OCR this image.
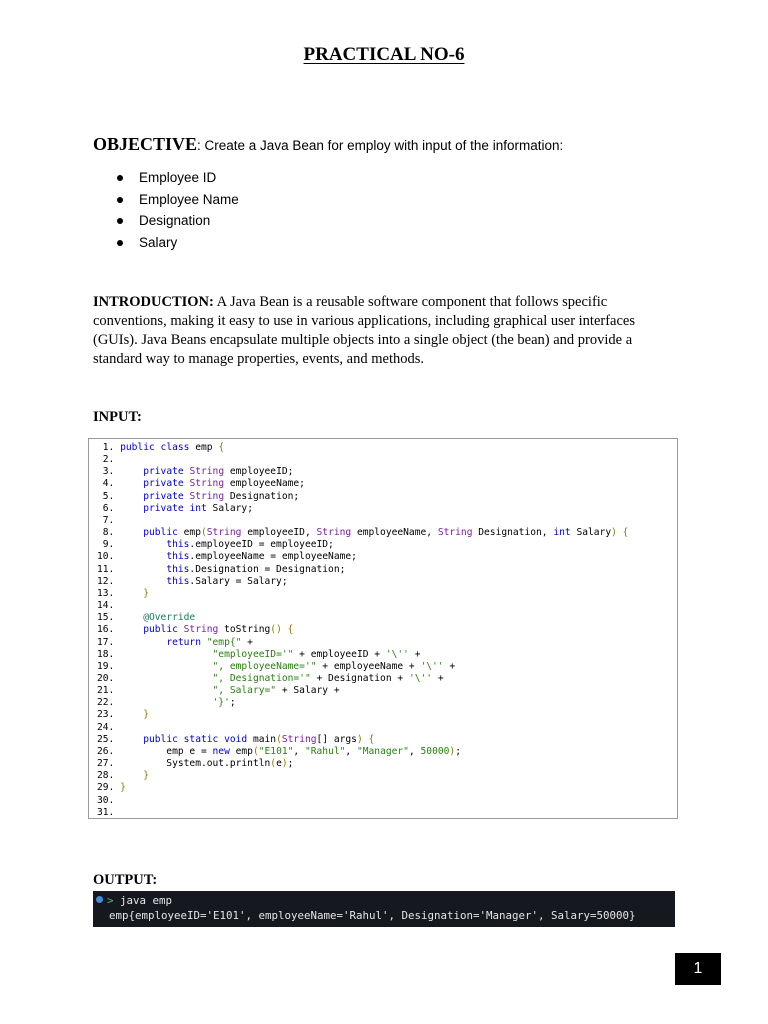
PRACTICAL NO-6
OBJECTIVE: Create a Java Bean for employ with input of the information:
Employee ID
Employee Name
Designation
Salary
INTRODUCTION: A Java Bean is a reusable software component that follows specific conventions, making it easy to use in various applications, including graphical user interfaces (GUIs). Java Beans encapsulate multiple objects into a single object (the bean) and provide a standard way to manage properties, events, and methods.
INPUT:
1. public class emp {
2.
3.	private String employeeID;
4.	private String employeeName;
5.	private String Designation;
6.	private int Salary;
7.
8.	public emp(String employeeID, String employeeName, String Designation, int Salary) {
9.	this.employeeID = employeeID;
10.	this.employeeName = employeeName;
11.	this.Designation = Designation;
12.	this.Salary = Salary;
13.	}
14.
15.	@Override
16.	public String toString() {
17.	return "emp{" +
18.	"employeeID='" + employeeID + '\'' +
19.	", employeeName='" + employeeName + '\'' +
20.	", Designation='" + Designation + '\'' +
21.	", Salary=" + Salary +
22.	'}';
23.	}
24.
25.	public static void main(String[] args) {
26.         emp e = new emp("E101", "Rahul", "Manager", 50000);
27.         System.out.println(e);
28.	}
29. }
30.
31.
OUTPUT:
> java emp
emp{employeeID='E101', employeeName='Rahul', Designation='Manager', Salary=50000}
1
